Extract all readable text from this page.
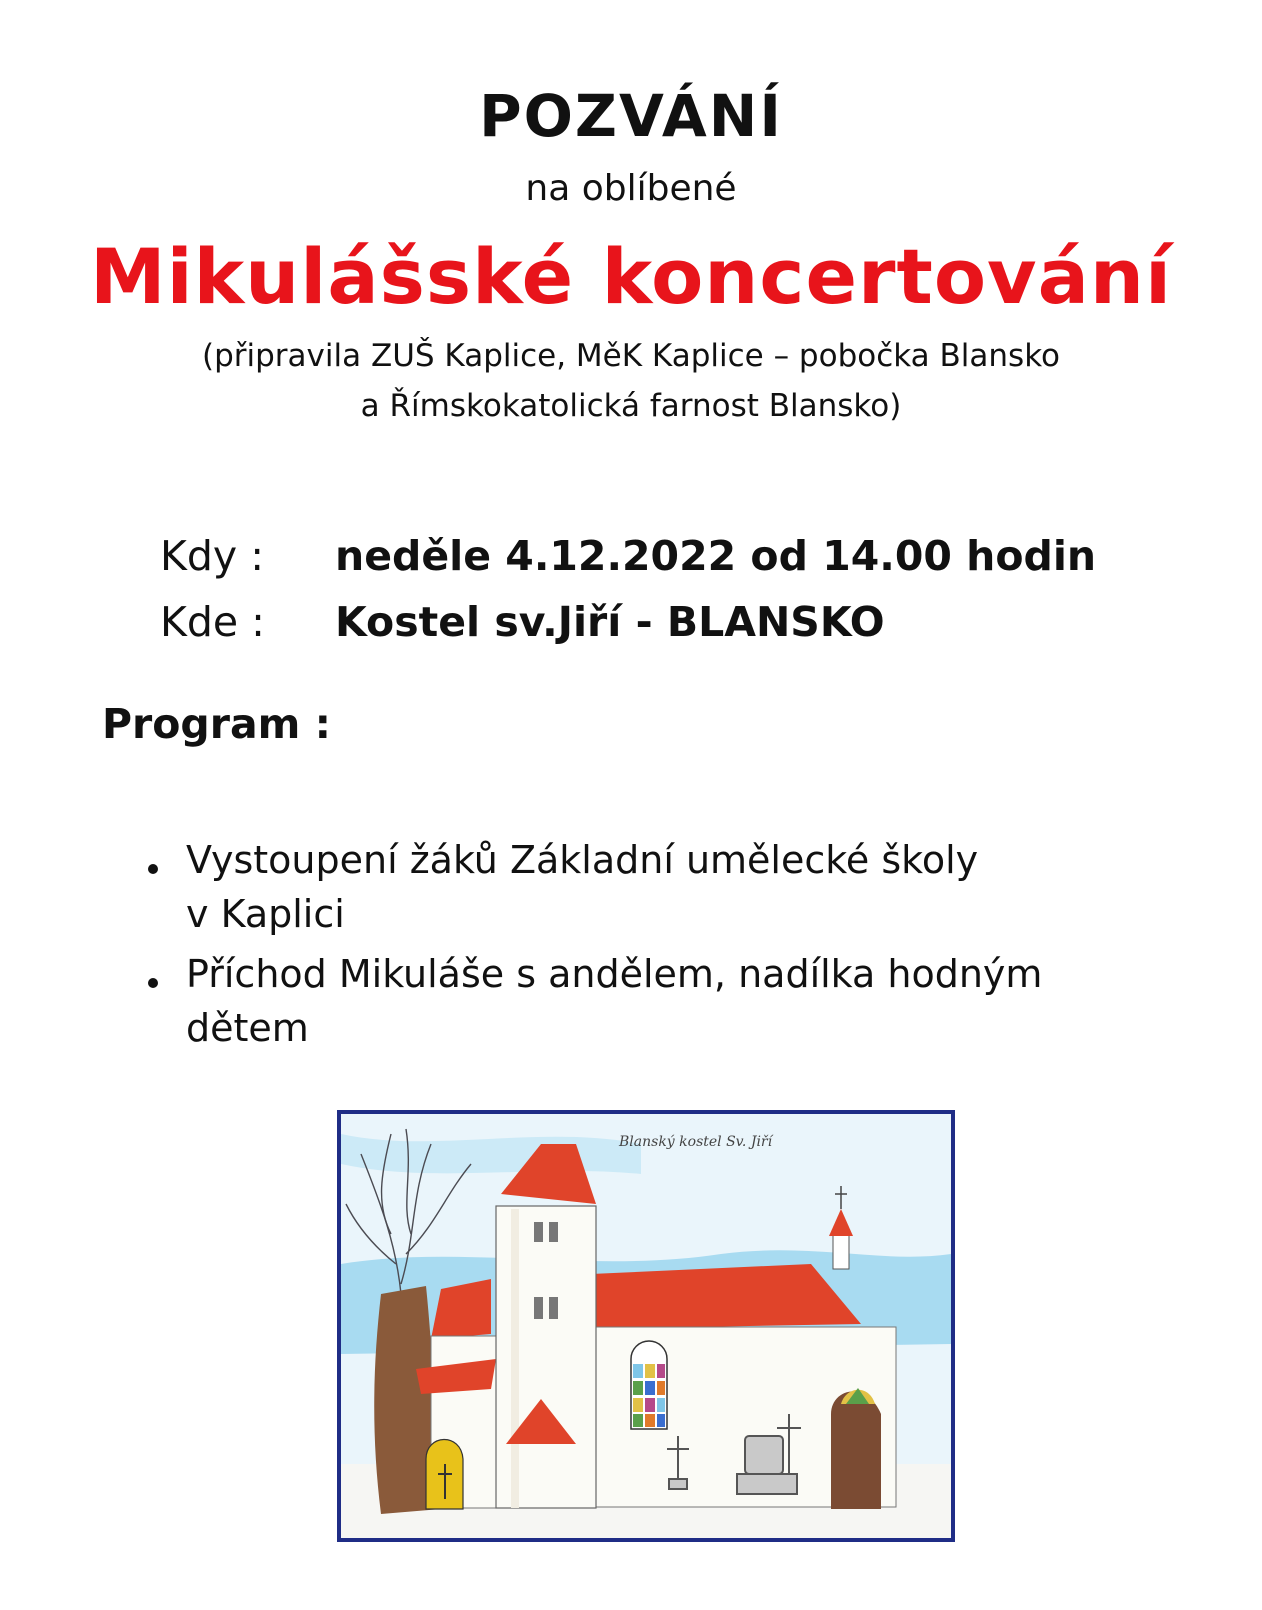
POZVÁNÍ
na oblíbené
Mikulášské koncertování
(připravila ZUŠ Kaplice, MěK Kaplice – pobočka Blansko
a Římskokatolická farnost Blansko)
Kdy : neděle 4.12.2022 od 14.00 hodin
Kde : Kostel sv.Jiří - BLANSKO
Program :
Vystoupení žáků Základní umělecké školy
v Kaplici
Příchod Mikuláše s andělem, nadílka hodným
dětem
Blanský kostel Sv. Jiří
